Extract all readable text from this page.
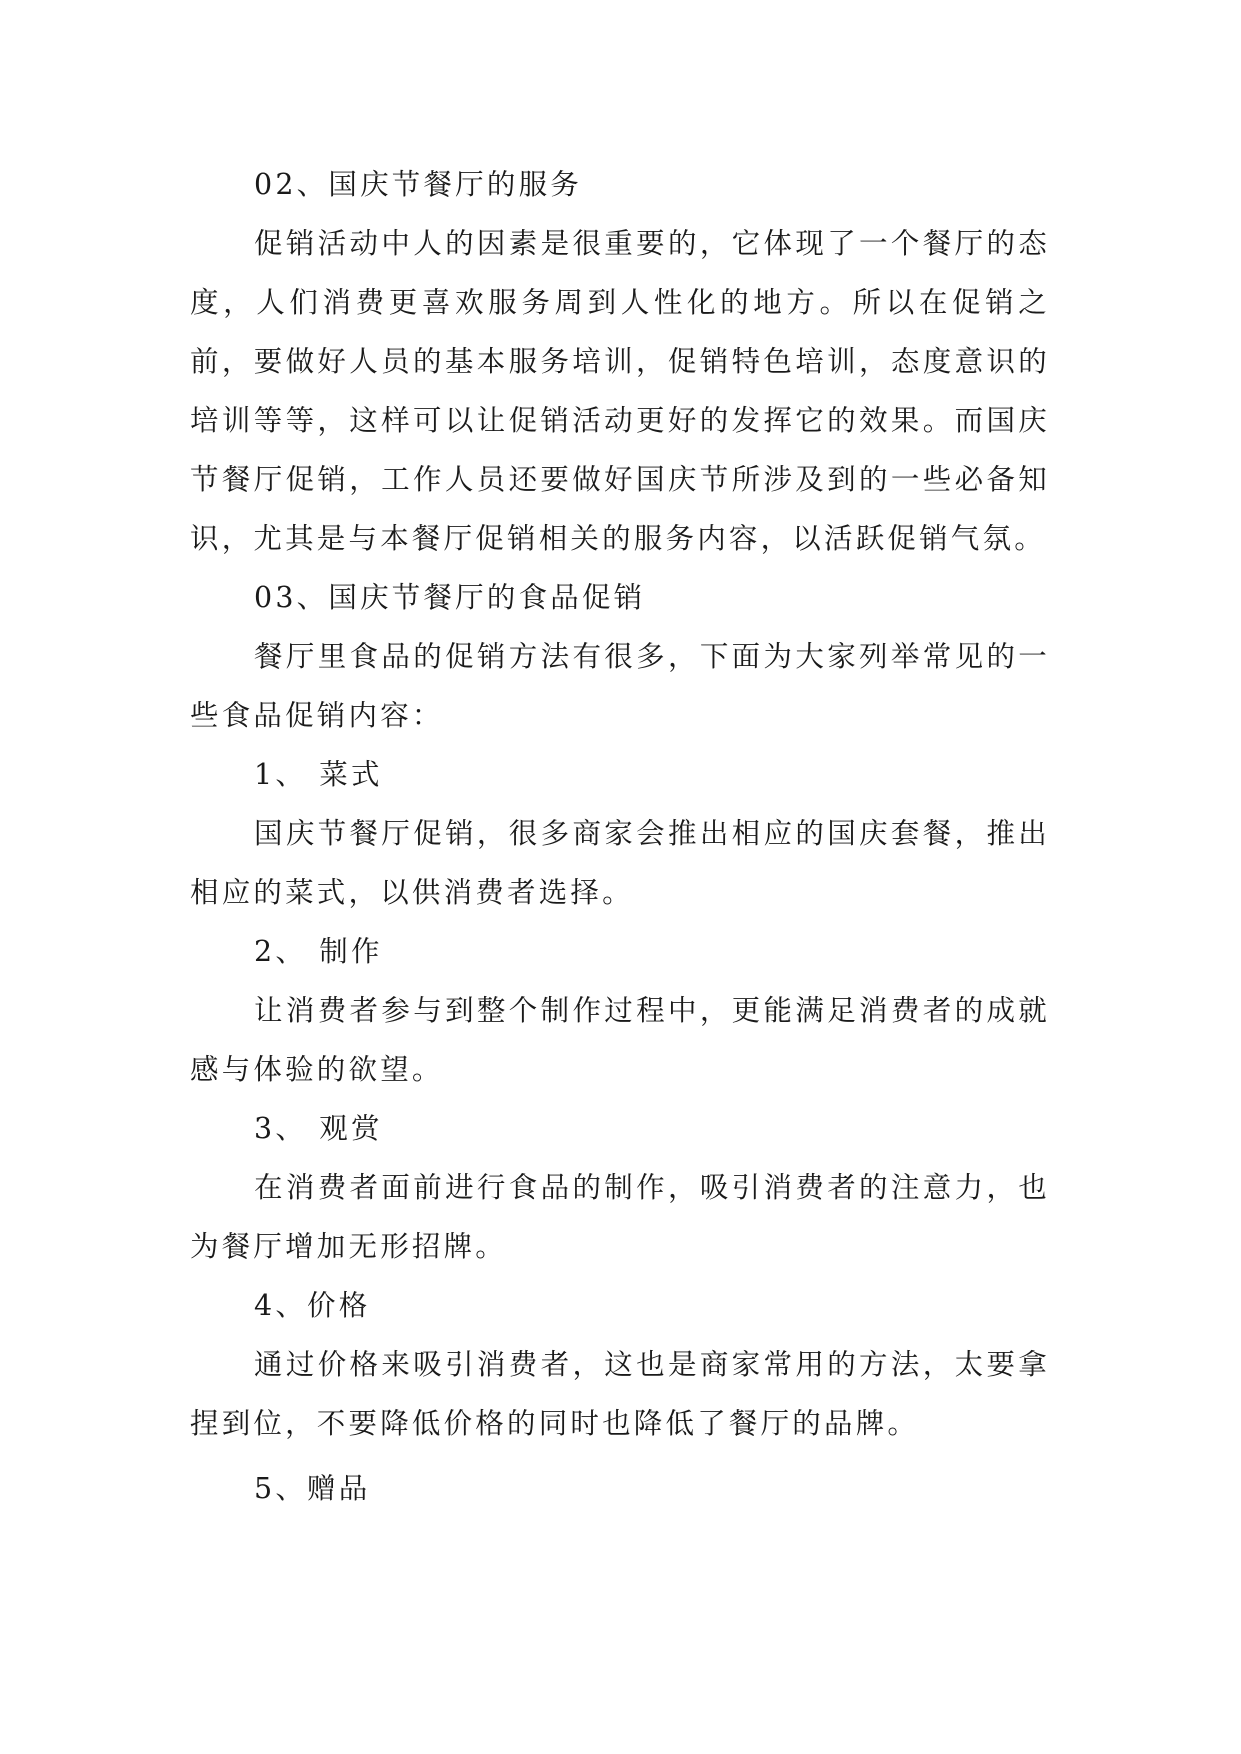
02、国庆节餐厅的服务

促销活动中人的因素是很重要的，它体现了一个餐厅的态度，人们消费更喜欢服务周到人性化的地方。所以在促销之前，要做好人员的基本服务培训，促销特色培训，态度意识的培训等等，这样可以让促销活动更好的发挥它的效果。而国庆节餐厅促销，工作人员还要做好国庆节所涉及到的一些必备知识，尤其是与本餐厅促销相关的服务内容，以活跃促销气氛。

03、国庆节餐厅的食品促销

餐厅里食品的促销方法有很多，下面为大家列举常见的一些食品促销内容：

1、 菜式

国庆节餐厅促销，很多商家会推出相应的国庆套餐，推出相应的菜式，以供消费者选择。

2、 制作

让消费者参与到整个制作过程中，更能满足消费者的成就感与体验的欲望。

3、 观赏

在消费者面前进行食品的制作，吸引消费者的注意力，也为餐厅增加无形招牌。

4、价格

通过价格来吸引消费者，这也是商家常用的方法，太要拿捏到位，不要降低价格的同时也降低了餐厅的品牌。

5、赠品
